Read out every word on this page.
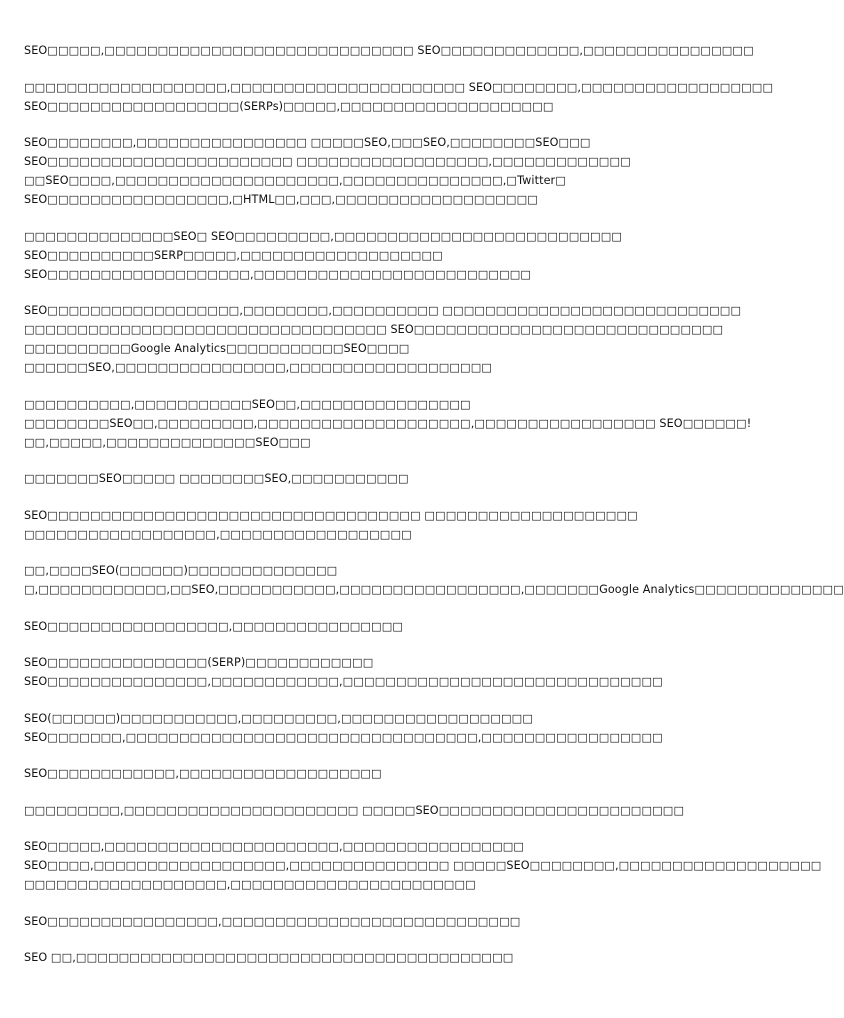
SEO□□□□□,□□□□□□□□□□□□□□□□□□□□□□□□□□□□□ SEO□□□□□□□□□□□□□,□□□□□□□□□□□□□□□□
□□□□□□□□□□□□□□□□□□□,□□□□□□□□□□□□□□□□□□□□□□ SEO□□□□□□□□,□□□□□□□□□□□□□□□□□□
SEO□□□□□□□□□□□□□□□□□□(SERPs)□□□□□,□□□□□□□□□□□□□□□□□□□□
SEO□□□□□□□□,□□□□□□□□□□□□□□□□ □□□□□SEO,□□□SEO,□□□□□□□□SEO□□□
SEO□□□□□□□□□□□□□□□□□□□□□□□ □□□□□□□□□□□□□□□□□□,□□□□□□□□□□□□□
□□SEO□□□□,□□□□□□□□□□□□□□□□□□□□□,□□□□□□□□□□□□□□□,□Twitter□
SEO□□□□□□□□□□□□□□□□□,□HTML□□,□□□,□□□□□□□□□□□□□□□□□□□
□□□□□□□□□□□□□□SEO□ SEO□□□□□□□□□,□□□□□□□□□□□□□□□□□□□□□□□□□□□
SEO□□□□□□□□□□SERP□□□□□,□□□□□□□□□□□□□□□□□□□
SEO□□□□□□□□□□□□□□□□□□□,□□□□□□□□□□□□□□□□□□□□□□□□□□
SEO□□□□□□□□□□□□□□□□□□,□□□□□□□□,□□□□□□□□□□ □□□□□□□□□□□□□□□□□□□□□□□□□□□□
□□□□□□□□□□□□□□□□□□□□□□□□□□□□□□□□□□ SEO□□□□□□□□□□□□□□□□□□□□□□□□□□□□□
□□□□□□□□□□Google Analytics□□□□□□□□□□□SEO□□□□
□□□□□□SEO,□□□□□□□□□□□□□□□□,□□□□□□□□□□□□□□□□□□□
□□□□□□□□□□,□□□□□□□□□□□SEO□□,□□□□□□□□□□□□□□□□
□□□□□□□□SEO□□,□□□□□□□□□,□□□□□□□□□□□□□□□□□□□□,□□□□□□□□□□□□□□□□□ SEO□□□□□□!
□□,□□□□□,□□□□□□□□□□□□□□SEO□□□
□□□□□□□SEO□□□□□ □□□□□□□□SEO,□□□□□□□□□□□
SEO□□□□□□□□□□□□□□□□□□□□□□□□□□□□□□□□□□□ □□□□□□□□□□□□□□□□□□□□
□□□□□□□□□□□□□□□□□□,□□□□□□□□□□□□□□□□□□
□□,□□□□SEO(□□□□□□)□□□□□□□□□□□□□□
□,□□□□□□□□□□□□,□□SEO,□□□□□□□□□□□,□□□□□□□□□□□□□□□□□,□□□□□□□Google Analytics□□□□□□□□□□□□□□
SEO□□□□□□□□□□□□□□□□□,□□□□□□□□□□□□□□□□
SEO□□□□□□□□□□□□□□□(SERP)□□□□□□□□□□□□
SEO□□□□□□□□□□□□□□□,□□□□□□□□□□□□,□□□□□□□□□□□□□□□□□□□□□□□□□□□□□□
SEO(□□□□□□)□□□□□□□□□□□,□□□□□□□□□,□□□□□□□□□□□□□□□□□□
SEO□□□□□□□,□□□□□□□□□□□□□□□□□□□□□□□□□□□□□□□□□,□□□□□□□□□□□□□□□□□
SEO□□□□□□□□□□□□,□□□□□□□□□□□□□□□□□□□
□□□□□□□□□,□□□□□□□□□□□□□□□□□□□□□□ □□□□□SEO□□□□□□□□□□□□□□□□□□□□□□□
SEO□□□□□,□□□□□□□□□□□□□□□□□□□□□□,□□□□□□□□□□□□□□□□□
SEO□□□□,□□□□□□□□□□□□□□□□□□,□□□□□□□□□□□□□□□ □□□□□SEO□□□□□□□□,□□□□□□□□□□□□□□□□□□□
□□□□□□□□□□□□□□□□□□□,□□□□□□□□□□□□□□□□□□□□□□□
SEO□□□□□□□□□□□□□□□□,□□□□□□□□□□□□□□□□□□□□□□□□□□□□
SEO □□,□□□□□□□□□□□□□□□□□□□□□□□□□□□□□□□□□□□□□□□□□
